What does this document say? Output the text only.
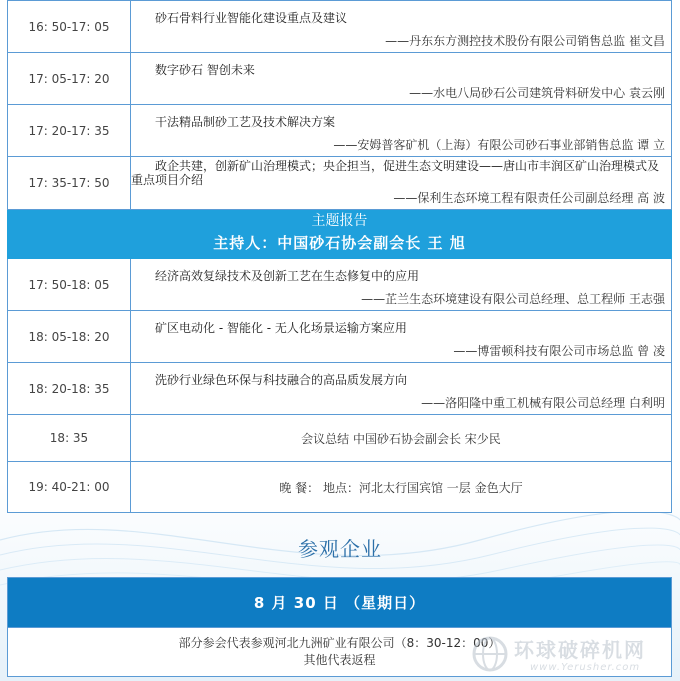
16: 50-17: 05	砂石骨料行业智能化建设重点及建议
——丹东东方测控技术股份有限公司销售总监 崔文昌

17: 05-17: 20	数字砂石 智创未来
——水电八局砂石公司建筑骨料研发中心 袁云刚

17: 20-17: 35	干法精品制砂工艺及技术解决方案
——安姆普客矿机（上海）有限公司砂石事业部销售总监 谭 立

17: 35-17: 50	政企共建，创新矿山治理模式；央企担当，促进生态文明建设——唐山市丰润区矿山治理模式及重点项目介绍
——保利生态环境工程有限责任公司副总经理 高 波

主题报告
主持人：中国砂石协会副会长 王 旭	

17: 50-18: 05	经济高效复绿技术及创新工艺在生态修复中的应用
——芷兰生态环境建设有限公司总经理、总工程师 王志强

18: 05-18: 20	矿区电动化 - 智能化 - 无人化场景运输方案应用
——博雷顿科技有限公司市场总监 曾 凌

18: 20-18: 35	洗砂行业绿色环保与科技融合的高品质发展方向
——洛阳隆中重工机械有限公司总经理 白利明

18: 35	会议总结 中国砂石协会副会长 宋少民
19: 40-21: 00	晚 餐： 地点：河北太行国宾馆 一层 金色大厅
参观企业
8 月 30 日 （星期日）

部分参会代表参观河北九洲矿业有限公司（8：30-12：00）
其他代表返程	环球破碎机网
www.Yerusher.com
